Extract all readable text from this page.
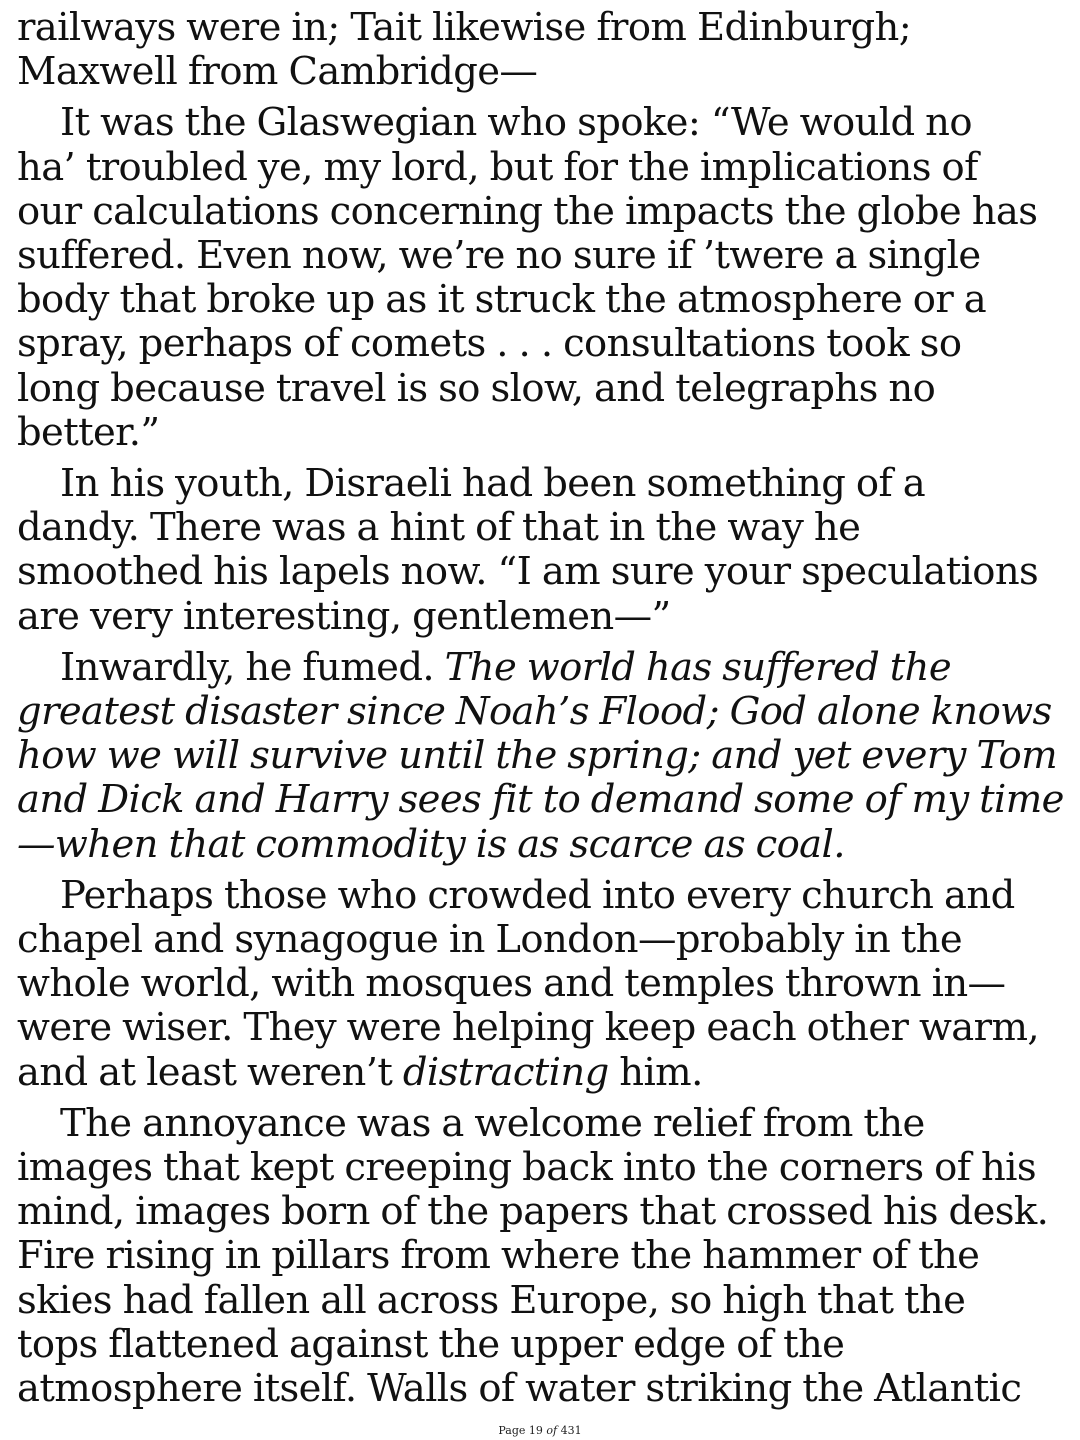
railways were in; Tait likewise from Edinburgh;
Maxwell from Cambridge—

It was the Glaswegian who spoke: “We would no
ha’ troubled ye, my lord, but for the implications of
our calculations concerning the impacts the globe has
suffered. Even now, we’re no sure if ’twere a single
body that broke up as it struck the atmosphere or a
spray, perhaps of comets . . . consultations took so
long because travel is so slow, and telegraphs no
better.”

In his youth, Disraeli had been something of a
dandy. There was a hint of that in the way he
smoothed his lapels now. “I am sure your speculations
are very interesting, gentlemen—”

Inwardly, he fumed. The world has suffered the
greatest disaster since Noah’s Flood; God alone knows
how we will survive until the spring; and yet every Tom
and Dick and Harry sees fit to demand some of my time
—when that commodity is as scarce as coal.

Perhaps those who crowded into every church and
chapel and synagogue in London—probably in the
whole world, with mosques and temples thrown in—
were wiser. They were helping keep each other warm,
and at least weren’t distracting him.

The annoyance was a welcome relief from the
images that kept creeping back into the corners of his
mind, images born of the papers that crossed his desk.
Fire rising in pillars from where the hammer of the
skies had fallen all across Europe, so high that the
tops flattened against the upper edge of the
atmosphere itself. Walls of water striking the Atlantic

Page 19 of 431
